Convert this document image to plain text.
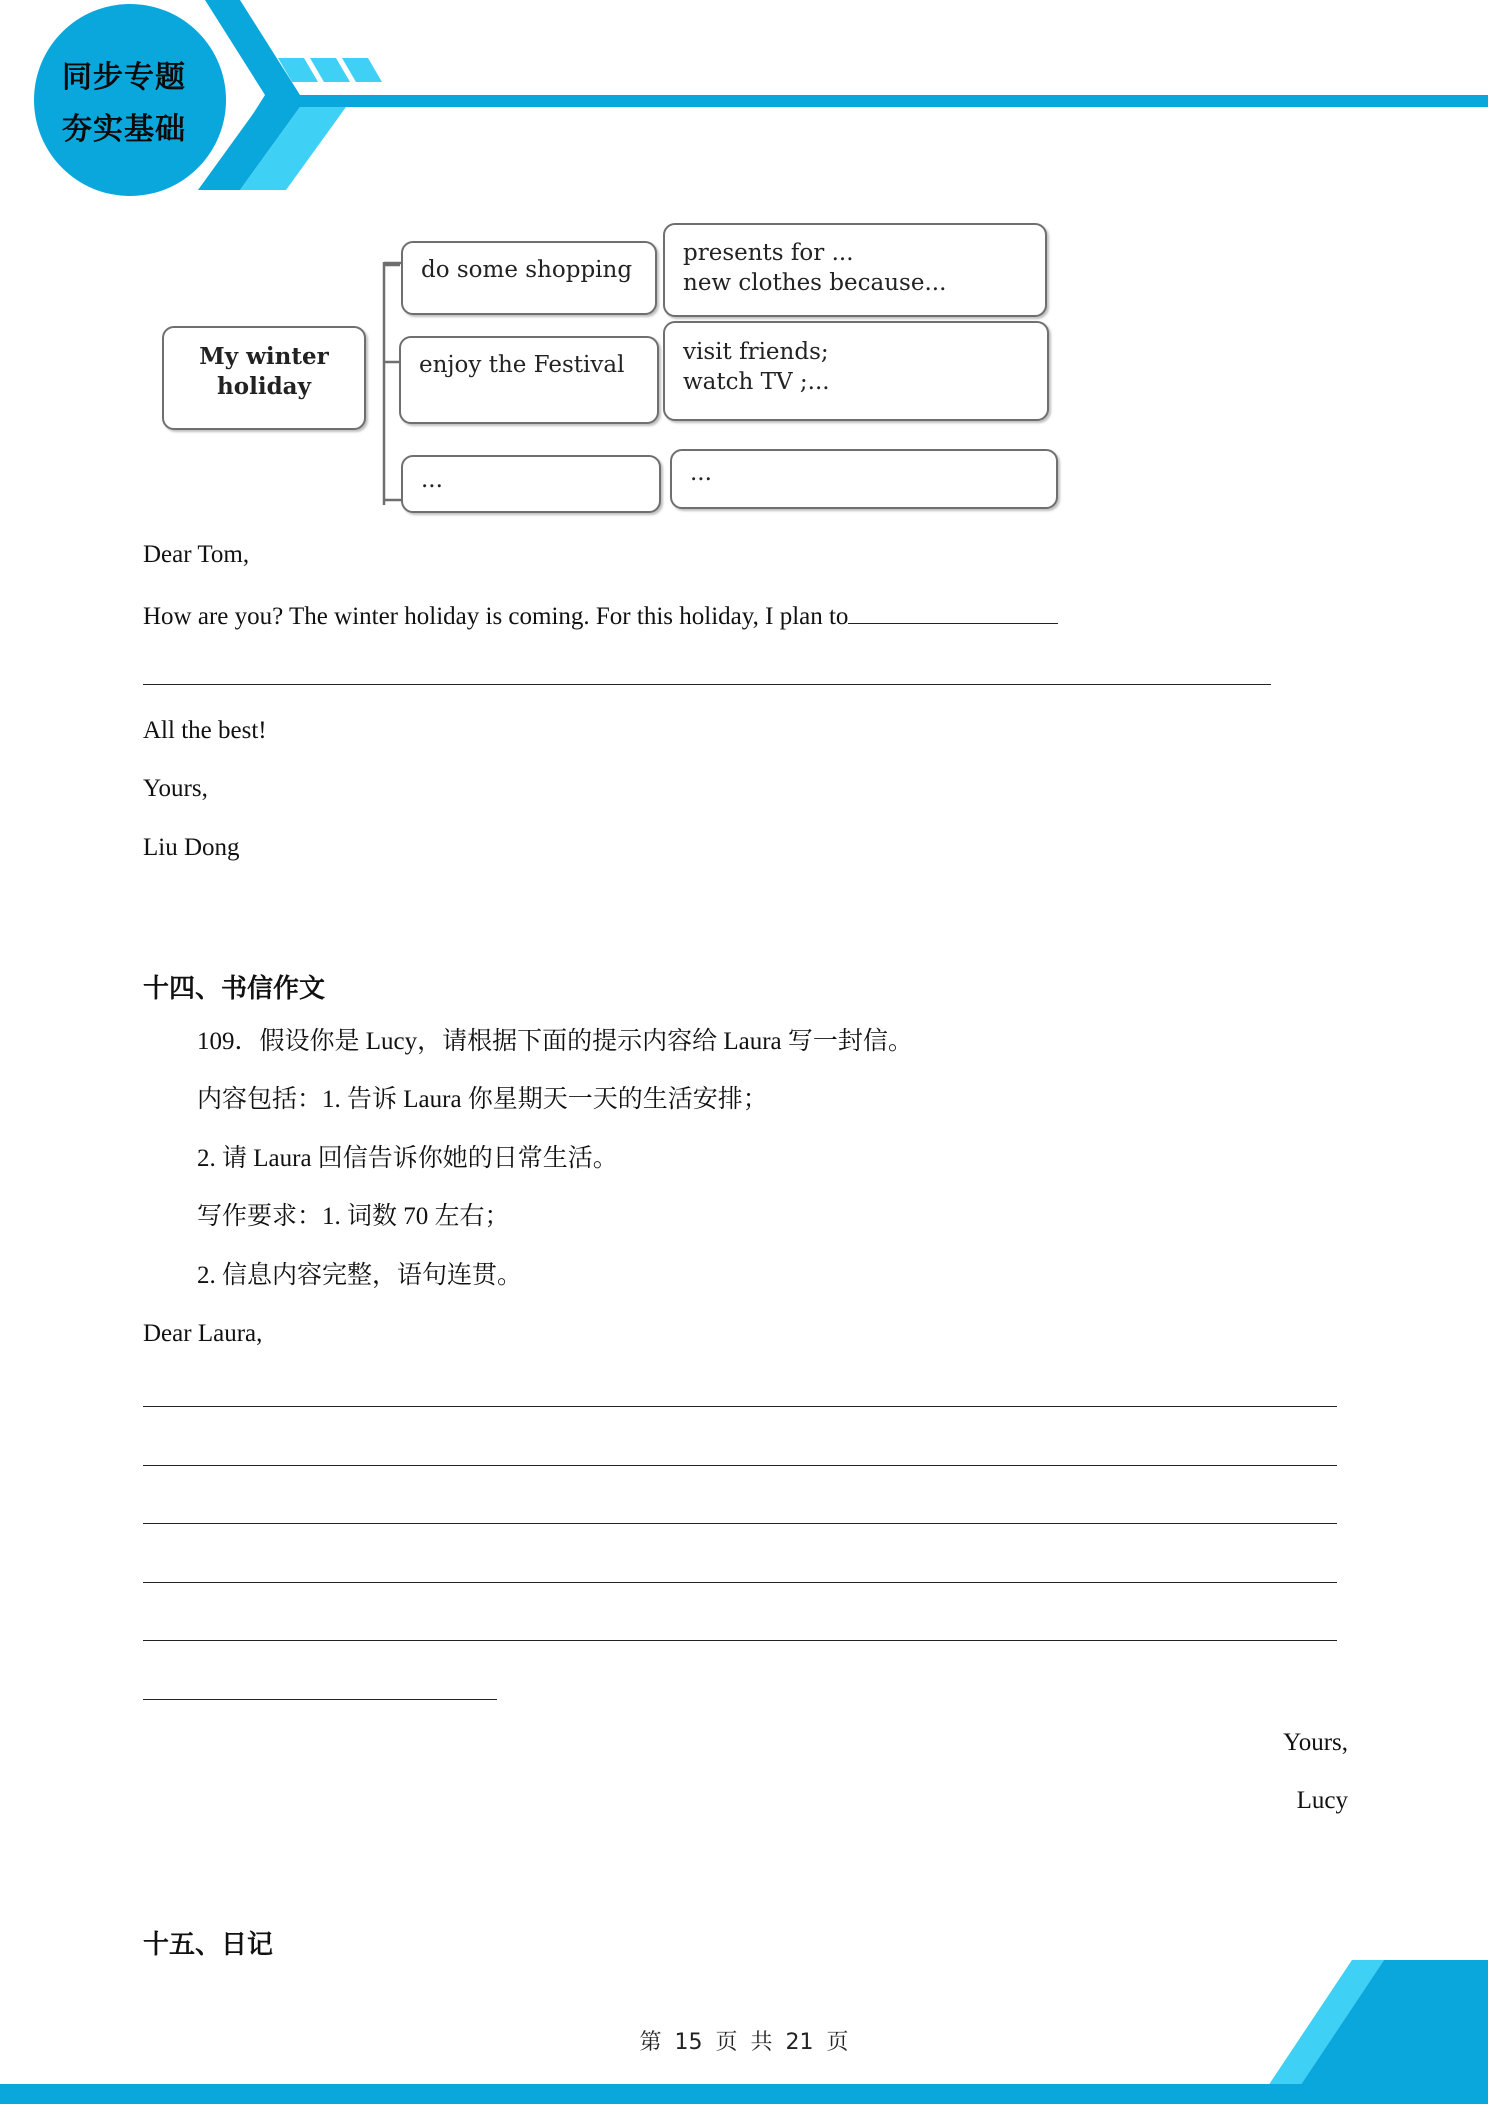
同步专题
夯实基础
My winter
holiday
do some shopping
presents for ...
new clothes because...
enjoy the Festival	visit friends;
watch TV ;...
...	...
Dear Tom,
How are you? The winter holiday is coming. For this holiday, I plan to
All the best!
Yours,
Liu Dong
十四、书信作文
109．假设你是 Lucy，请根据下面的提示内容给 Laura 写一封信。
内容包括：1. 告诉 Laura 你星期天一天的生活安排；
2. 请 Laura 回信告诉你她的日常生活。
写作要求：1. 词数 70 左右；
2. 信息内容完整，语句连贯。
Dear Laura,
Yours,
Lucy
十五、日记
第 15 页 共 21 页
